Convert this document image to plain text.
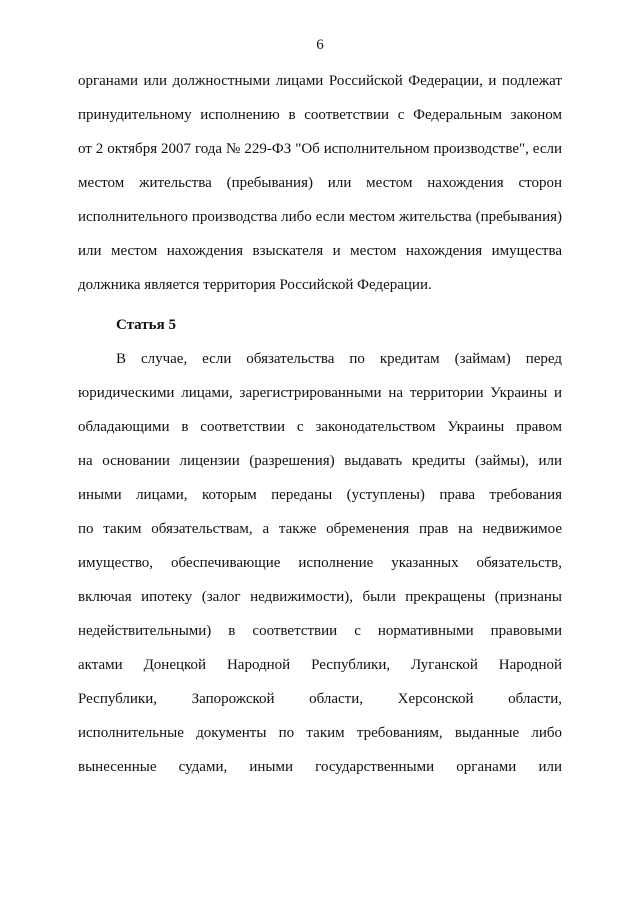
6
органами или должностными лицами Российской Федерации, и подлежат
принудительному исполнению в соответствии с Федеральным законом
от 2 октября 2007 года № 229-ФЗ "Об исполнительном производстве", если
местом жительства (пребывания) или местом нахождения сторон
исполнительного производства либо если местом жительства (пребывания)
или местом нахождения взыскателя и местом нахождения имущества
должника является территория Российской Федерации.
Статья 5
В случае, если обязательства по кредитам (займам) перед
юридическими лицами, зарегистрированными на территории Украины и
обладающими в соответствии с законодательством Украины правом
на основании лицензии (разрешения) выдавать кредиты (займы), или
иными лицами, которым переданы (уступлены) права требования
по таким обязательствам, а также обременения прав на недвижимое
имущество, обеспечивающие исполнение указанных обязательств,
включая ипотеку (залог недвижимости), были прекращены (признаны
недействительными) в соответствии с нормативными правовыми
актами Донецкой Народной Республики, Луганской Народной
Республики, Запорожской области, Херсонской области,
исполнительные документы по таким требованиям, выданные либо
вынесенные судами, иными государственными органами или
